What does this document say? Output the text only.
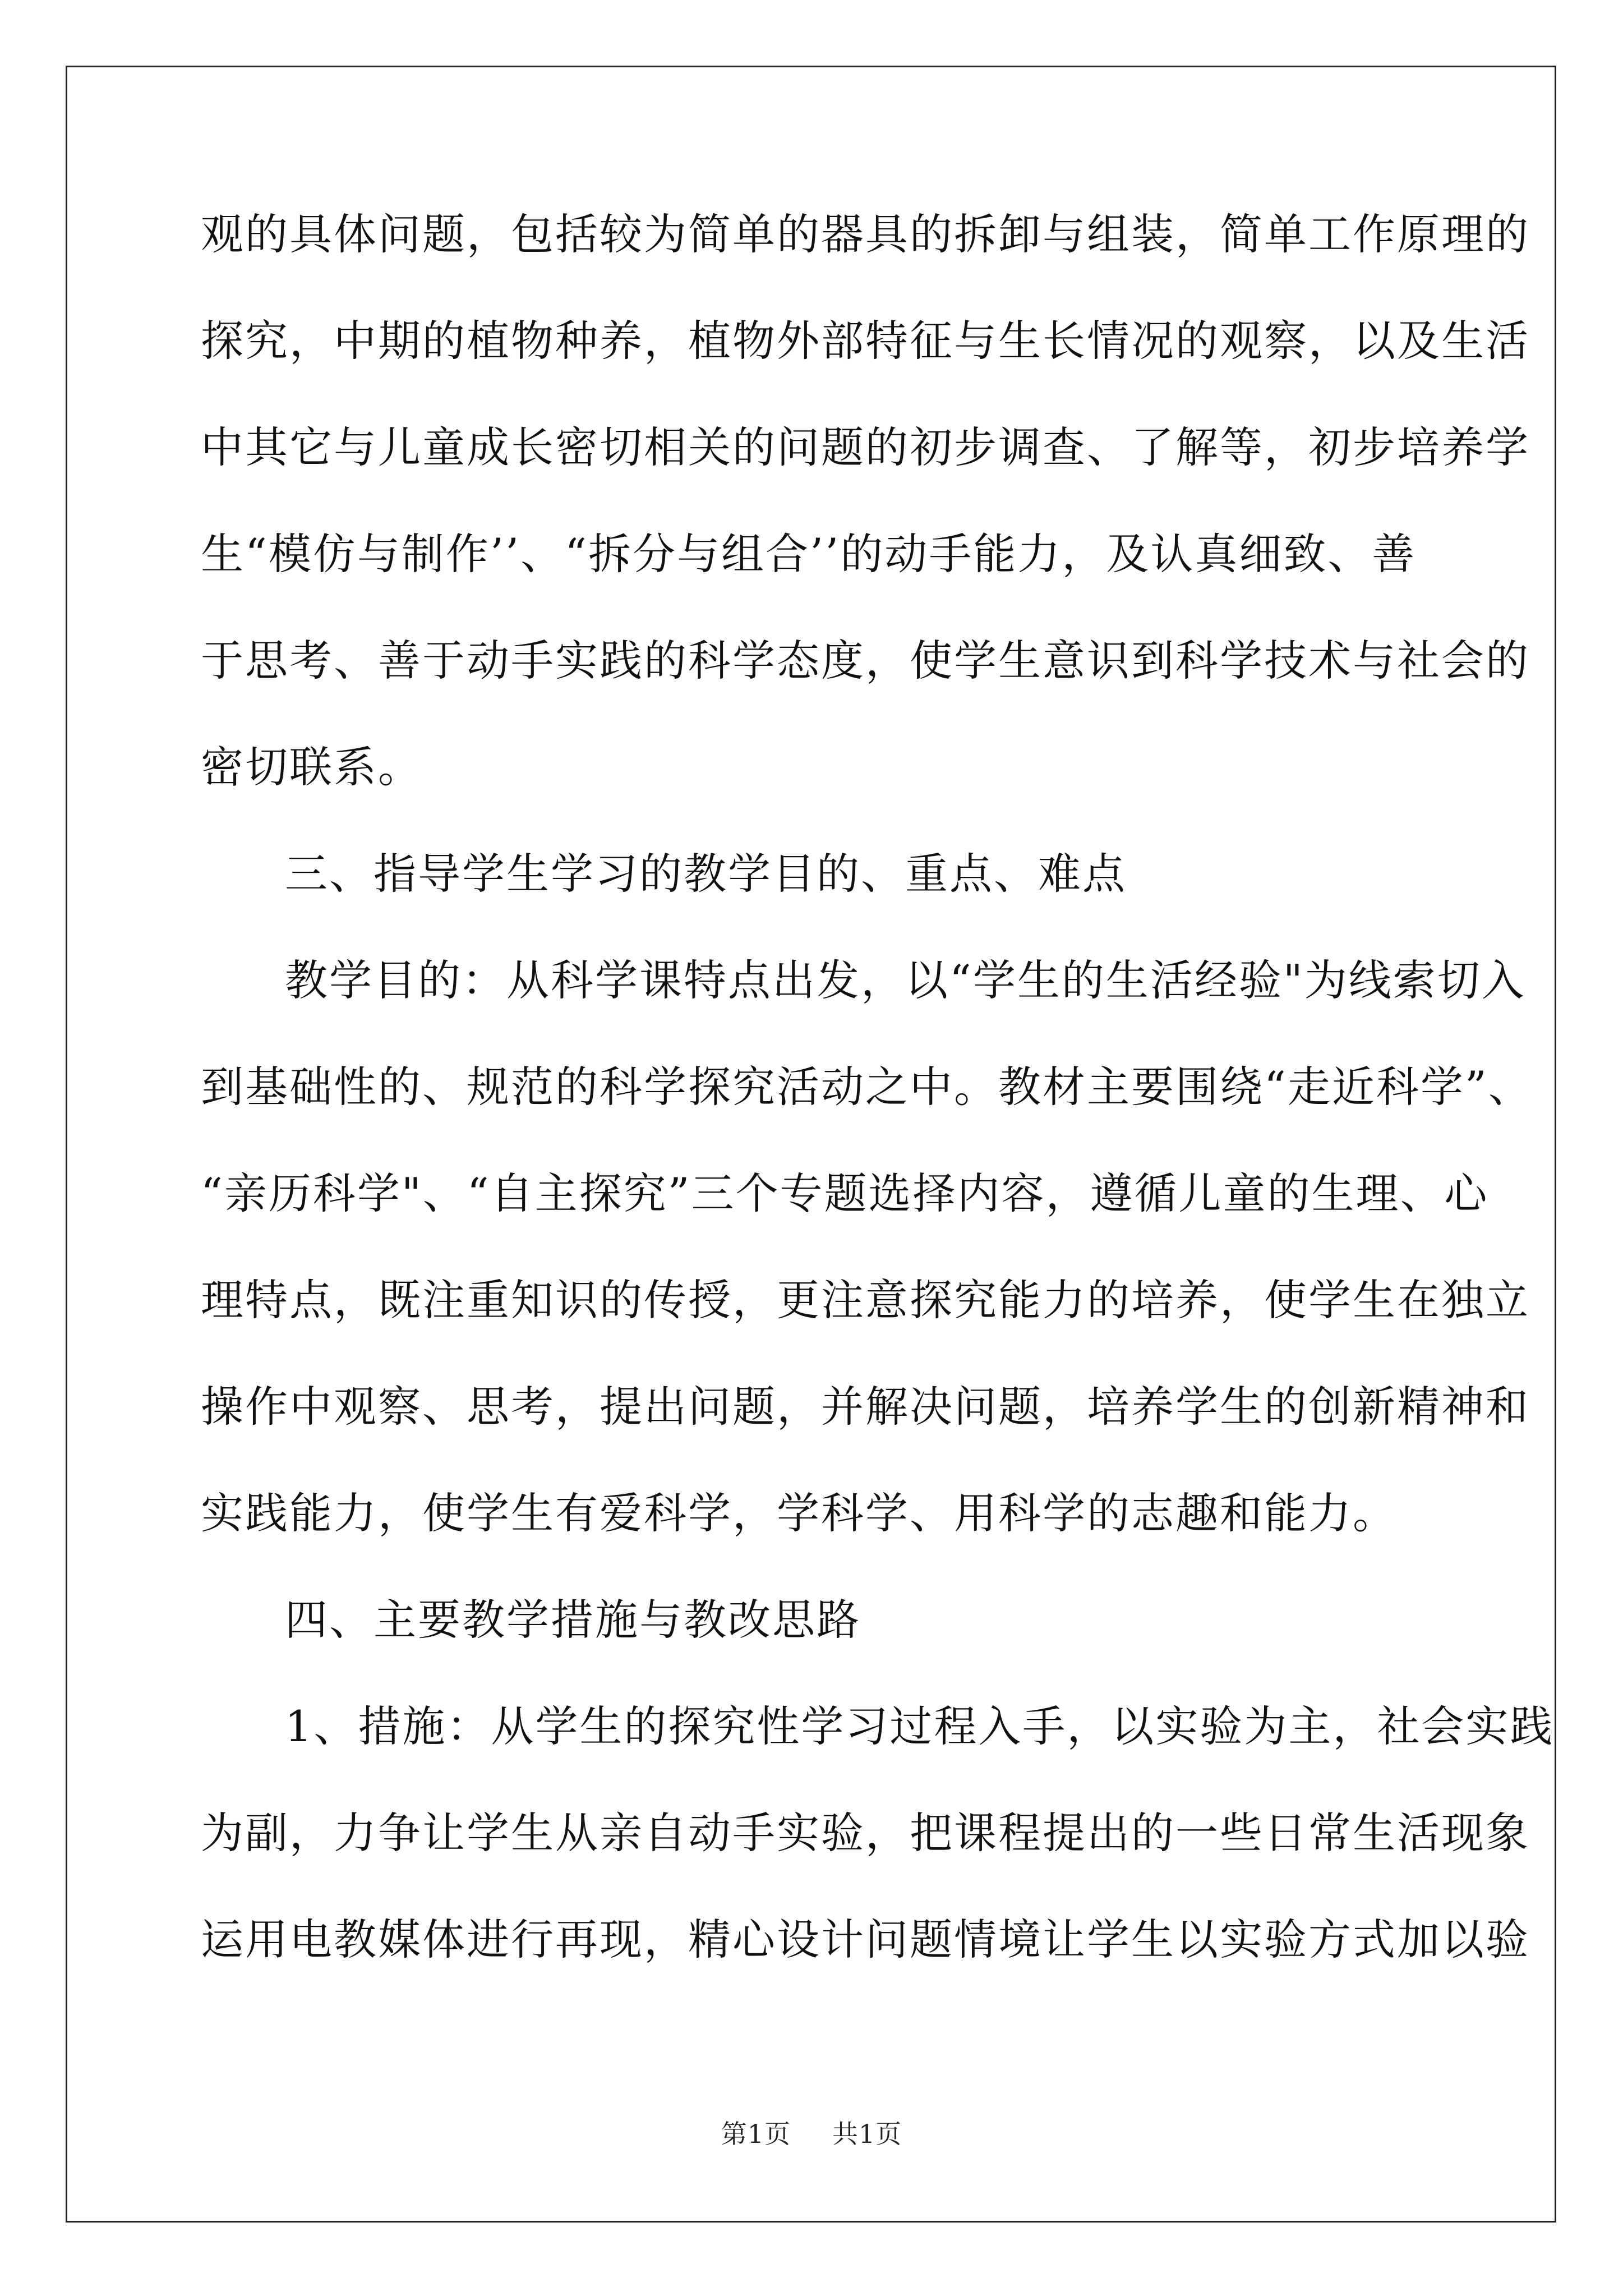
观的具体问题，包括较为简单的器具的拆卸与组装，简单工作原理的
探究，中期的植物种养，植物外部特征与生长情况的观察，以及生活
中其它与儿童成长密切相关的问题的初步调查、了解等，初步培养学
生“模仿与制作’’、“拆分与组合’’的动手能力，及认真细致、善
于思考、善于动手实践的科学态度，使学生意识到科学技术与社会的
密切联系。
三、指导学生学习的教学目的、重点、难点
教学目的：从科学课特点出发，以“学生的生活经验"为线索切入
到基础性的、规范的科学探究活动之中。教材主要围绕“走近科学”、
“亲历科学"、“自主探究”三个专题选择内容，遵循儿童的生理、心
理特点，既注重知识的传授，更注意探究能力的培养，使学生在独立
操作中观察、思考，提出问题，并解决问题，培养学生的创新精神和
实践能力，使学生有爱科学，学科学、用科学的志趣和能力。
四、主要教学措施与教改思路
1、措施：从学生的探究性学习过程入手，以实验为主，社会实践
为副，力争让学生从亲自动手实验，把课程提出的一些日常生活现象
运用电教媒体进行再现，精心设计问题情境让学生以实验方式加以验
第1页 共1页
